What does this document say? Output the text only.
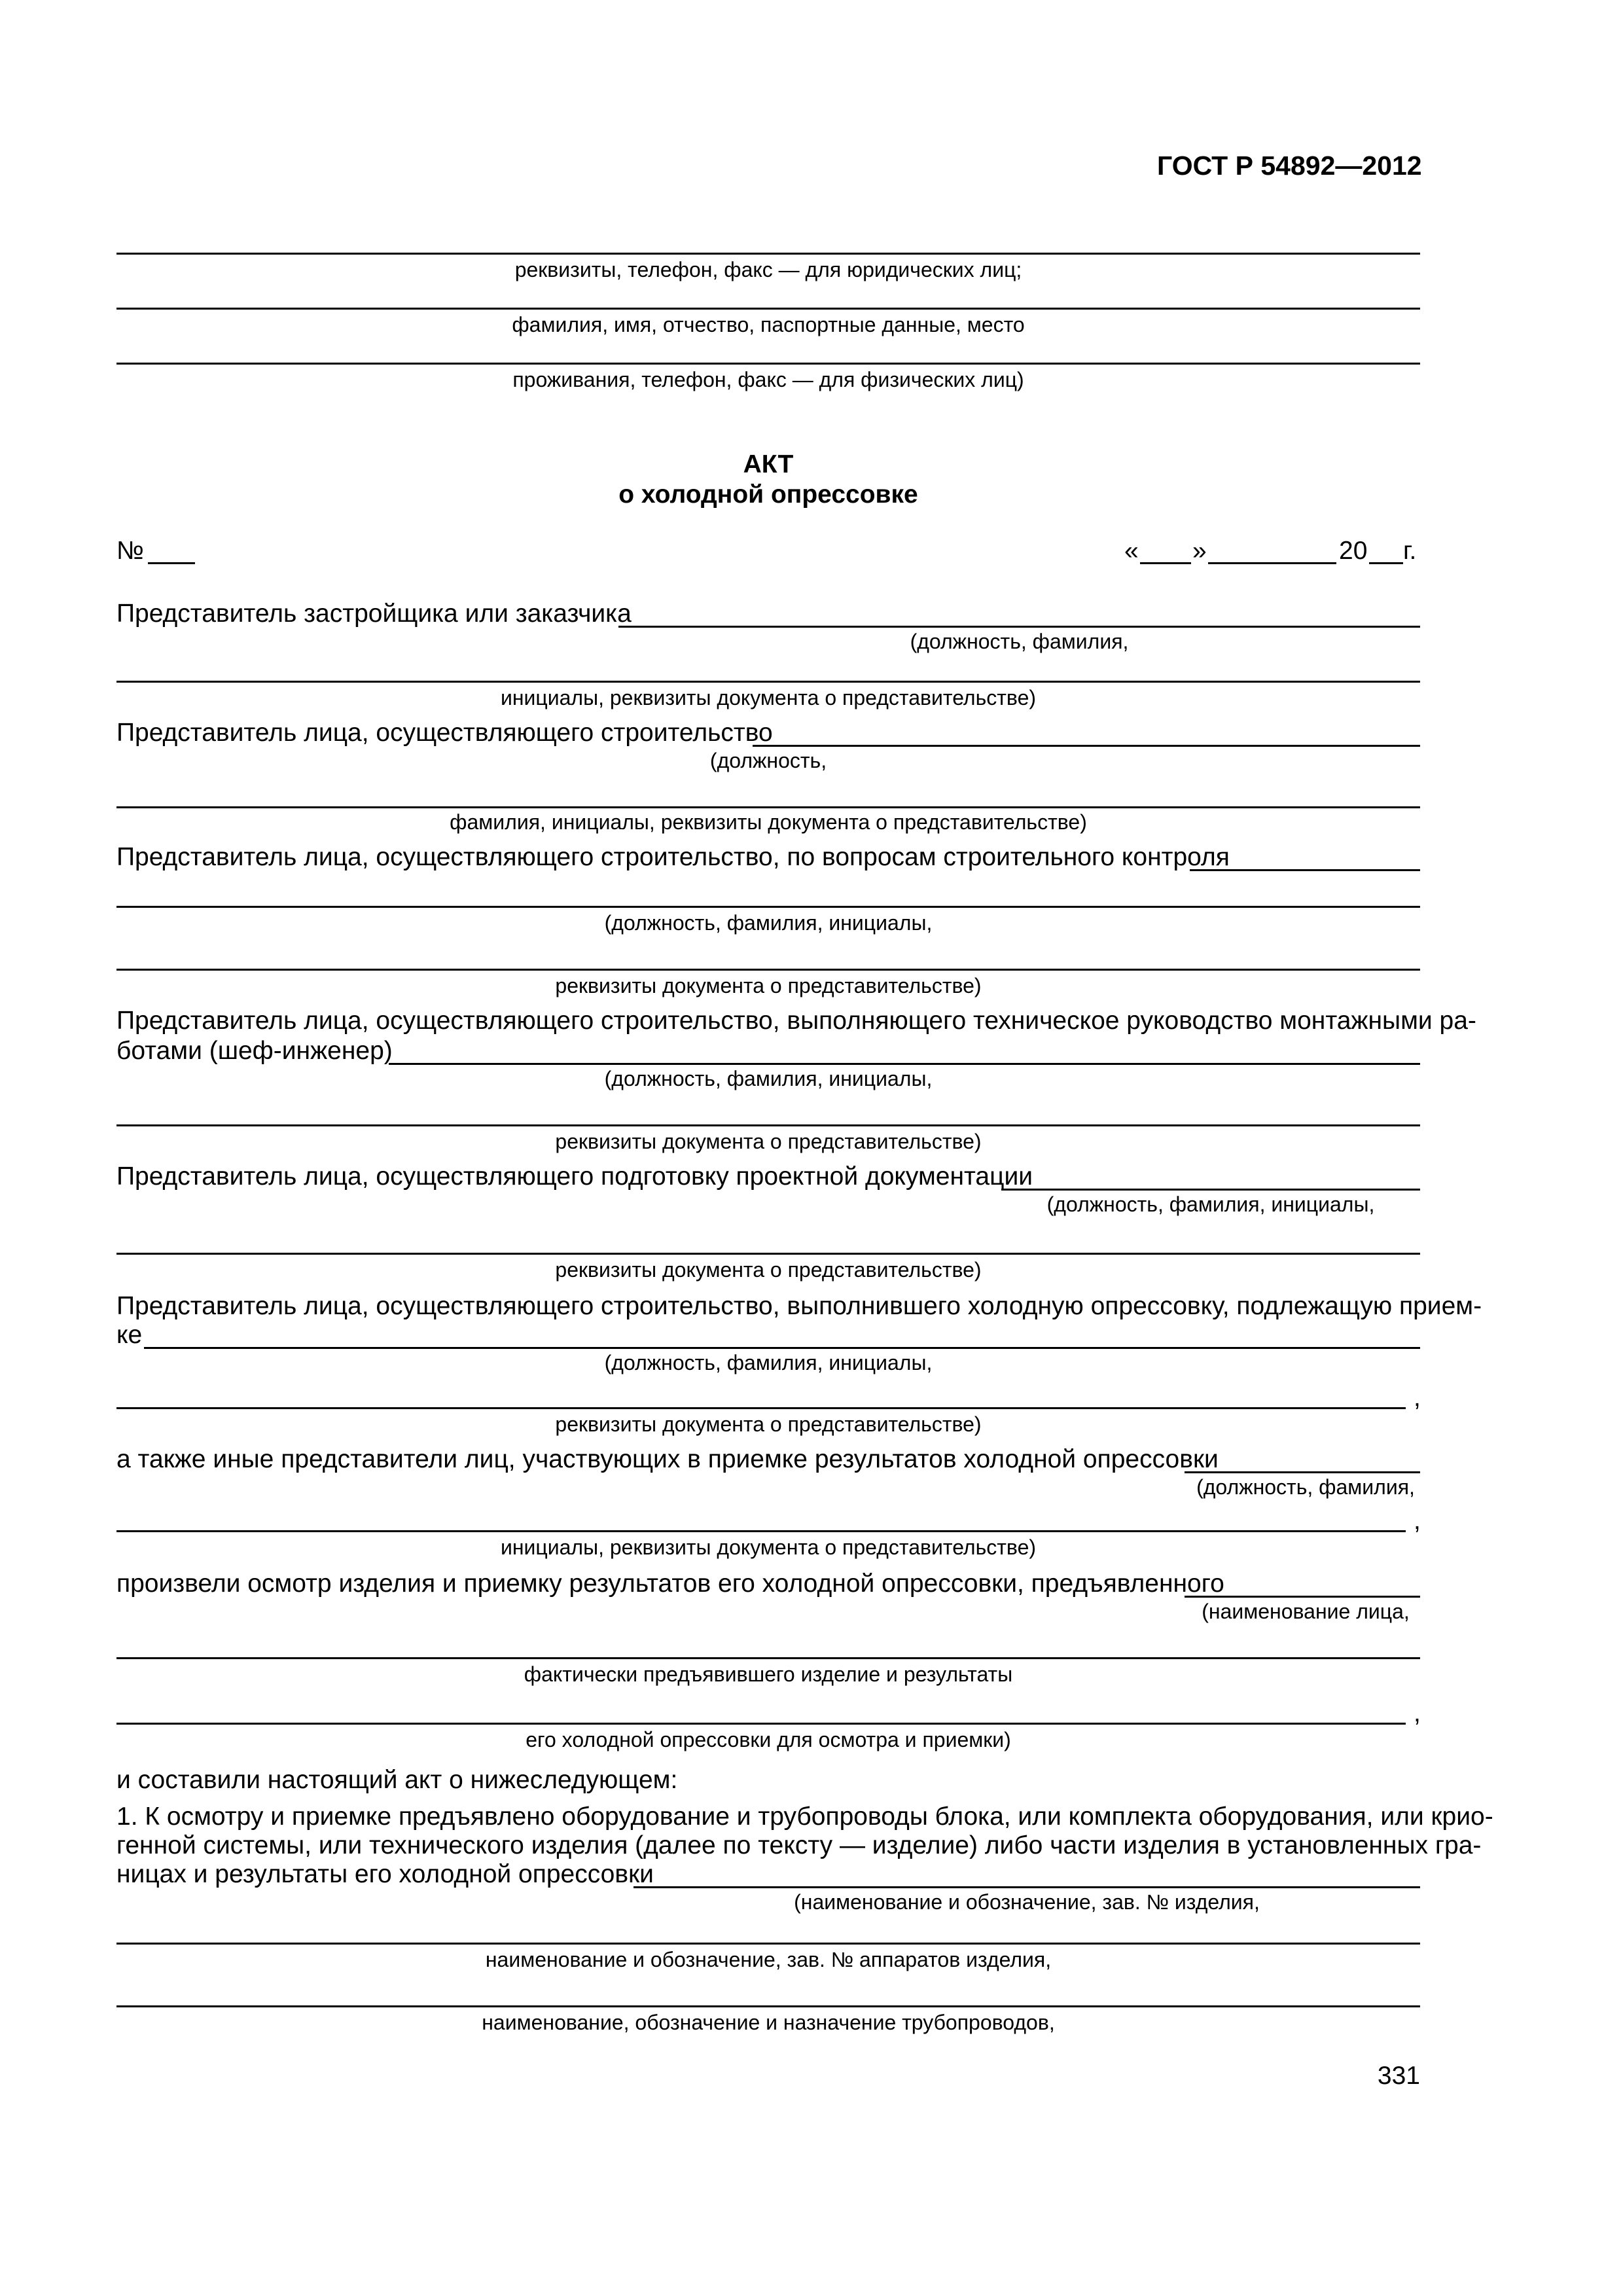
ГОСТ Р 54892—2012
реквизиты, телефон, факс — для юридических лиц;
фамилия, имя, отчество, паспортные данные, место
проживания, телефон, факс — для физических лиц)
АКТ
о холодной опрессовке
№	« »	20 г.
Представитель застройщика или заказчика
(должность, фамилия,
инициалы, реквизиты документа о представительстве)
Представитель лица, осуществляющего строительство
(должность,
фамилия, инициалы, реквизиты документа о представительстве)
Представитель лица, осуществляющего строительство, по вопросам строительного контроля
(должность, фамилия, инициалы,
реквизиты документа о представительстве)
Представитель лица, осуществляющего строительство, выполняющего техническое руководство монтажными ра-
ботами (шеф-инженер)
(должность, фамилия, инициалы,
реквизиты документа о представительстве)
Представитель лица, осуществляющего подготовку проектной документации
(должность, фамилия, инициалы,
реквизиты документа о представительстве)
Представитель лица, осуществляющего строительство, выполнившего холодную опрессовку, подлежащую прием-
ке
(должность, фамилия, инициалы,
,
реквизиты документа о представительстве)
а также иные представители лиц, участвующих в приемке результатов холодной опрессовки
(должность, фамилия,
,
инициалы, реквизиты документа о представительстве)
произвели осмотр изделия и приемку результатов его холодной опрессовки, предъявленного
(наименование лица,
фактически предъявившего изделие и результаты
,
его холодной опрессовки для осмотра и приемки)
и составили настоящий акт о нижеследующем:
1. К осмотру и приемке предъявлено оборудование и трубопроводы блока, или комплекта оборудования, или крио-
генной системы, или технического изделия (далее по тексту — изделие) либо части изделия в установленных гра-
ницах и результаты его холодной опрессовки
(наименование и обозначение, зав. № изделия,
наименование и обозначение, зав. № аппаратов изделия,
наименование, обозначение и назначение трубопроводов,
331
